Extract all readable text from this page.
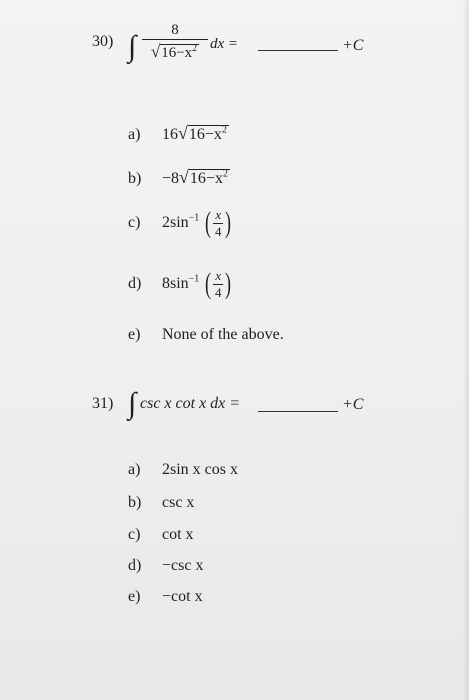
30) ∫	8
$√16-x^2$ dx =	+C
a) $16√16-x^2$
$b) -8√16-x^2$
c) $2\sin^{-1}$ ( $\frac{x}{4}$ )
d) $8\sin^{-1}$ ( $\frac{x}{4}$ )
e) None of the above.
31) ∫ csc x cot x dx =	+C
a) 2sin x cos x
b) csc x
c) cot x
d) −csc x
e) −cot x
